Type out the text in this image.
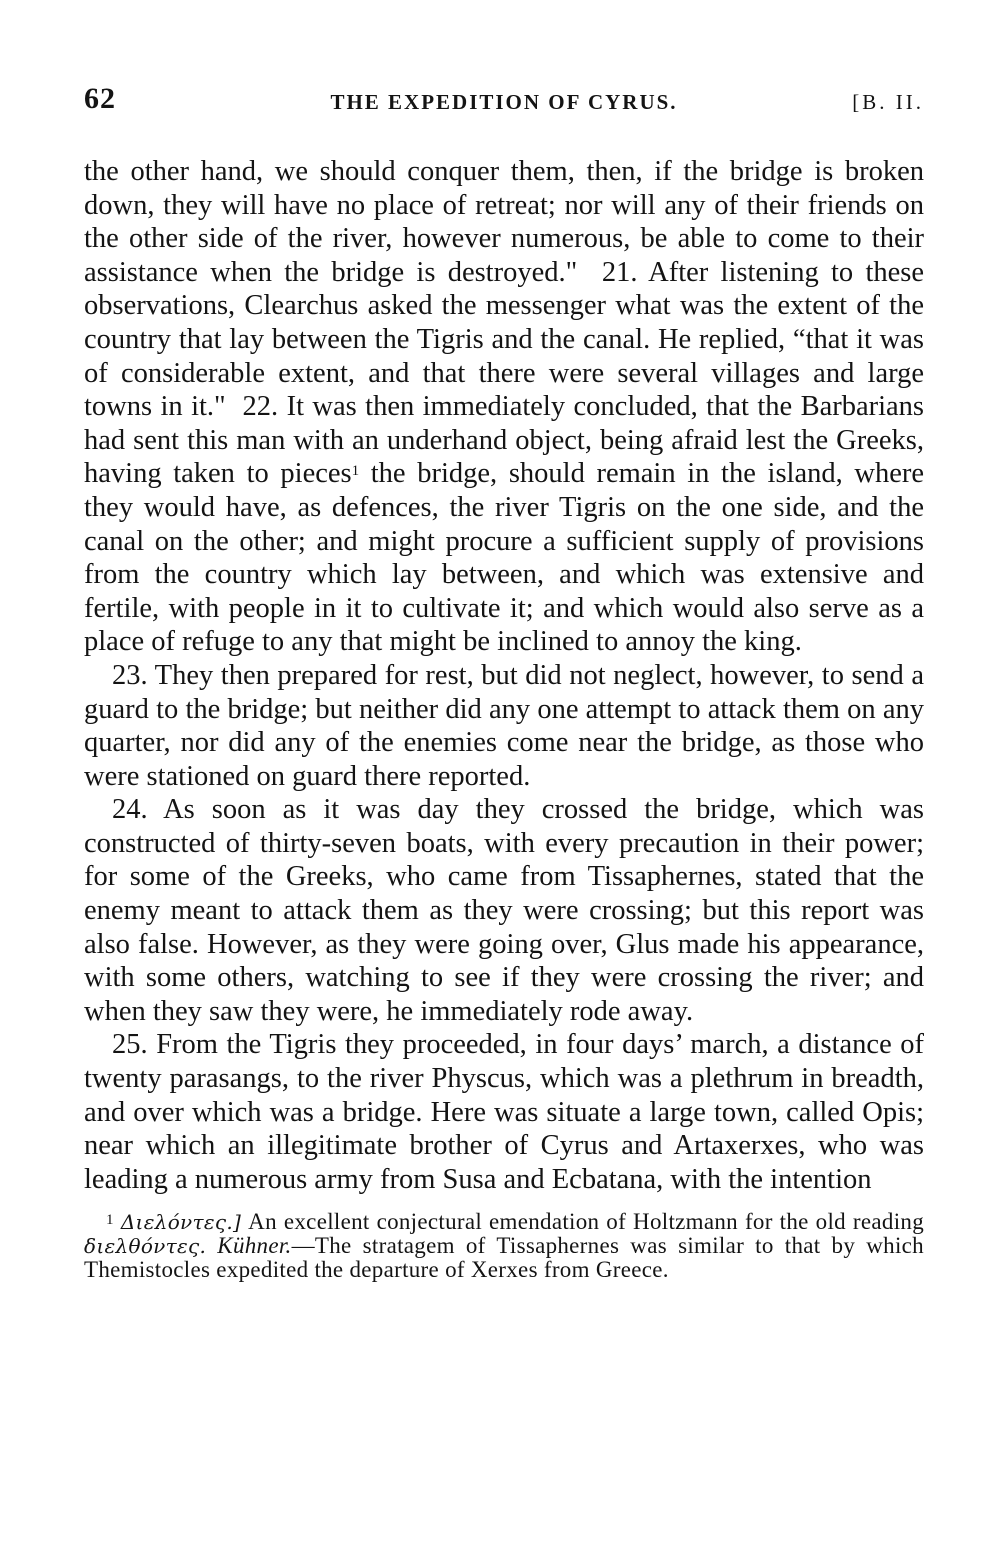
62	THE EXPEDITION OF CYRUS.	[B. II.

the other hand, we should conquer them, then, if the bridge is broken down, they will have no place of retreat; nor will any of their friends on the other side of the river, however numerous, be able to come to their assistance when the bridge is destroyed." 21. After listening to these observations, Clearchus asked the messenger what was the extent of the country that lay between the Tigris and the canal. He replied, “that it was of considerable extent, and that there were several villages and large towns in it." 22. It was then immediately concluded, that the Barbarians had sent this man with an underhand object, being afraid lest the Greeks, having taken to pieces$^1$ the bridge, should remain in the island, where they would have, as defences, the river Tigris on the one side, and the canal on the other; and might procure a sufficient supply of provisions from the country which lay between, and which was extensive and fertile, with people in it to cultivate it; and which would also serve as a place of refuge to any that might be inclined to annoy the king.

23. They then prepared for rest, but did not neglect, however, to send a guard to the bridge; but neither did any one attempt to attack them on any quarter, nor did any of the enemies come near the bridge, as those who were stationed on guard there reported.

24. As soon as it was day they crossed the bridge, which was constructed of thirty-seven boats, with every precaution in their power; for some of the Greeks, who came from Tissaphernes, stated that the enemy meant to attack them as they were crossing; but this report was also false. However, as they were going over, Glus made his appearance, with some others, watching to see if they were crossing the river; and when they saw they were, he immediately rode away.

25. From the Tigris they proceeded, in four days’ march, a distance of twenty parasangs, to the river Physcus, which was a plethrum in breadth, and over which was a bridge. Here was situate a large town, called Opis; near which an illegitimate brother of Cyrus and Artaxerxes, who was leading a numerous army from Susa and Ecbatana, with the intention

$^1$ Διελόντες.] An excellent conjectural emendation of Holtzmann for the old reading διελθόντες. Kühner.—The stratagem of Tissaphernes was similar to that by which Themistocles expedited the departure of Xerxes from Greece.
